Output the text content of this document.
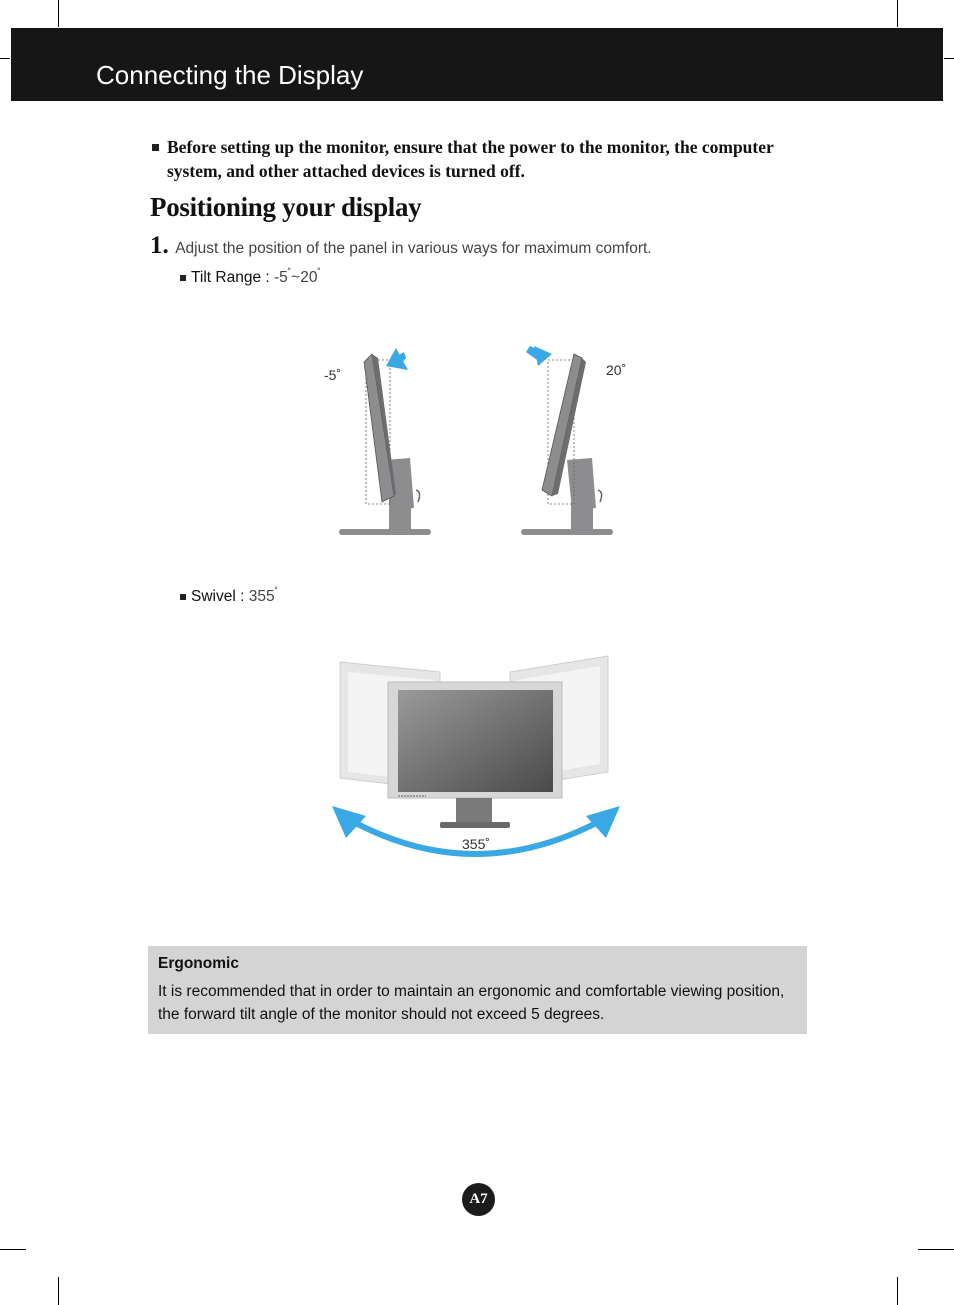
Connecting the Display
Before setting up the monitor, ensure that the power to the monitor, the computer system, and other attached devices is turned off.
Positioning your display
1. Adjust the position of the panel in various ways for maximum comfort.
Tilt Range : -5˚~20˚
-5˚	20˚
Swivel : 355˚
355˚
Ergonomic
It is recommended that in order to maintain an ergonomic and comfortable viewing position, the forward tilt angle of the monitor should not exceed 5 degrees.
A7
